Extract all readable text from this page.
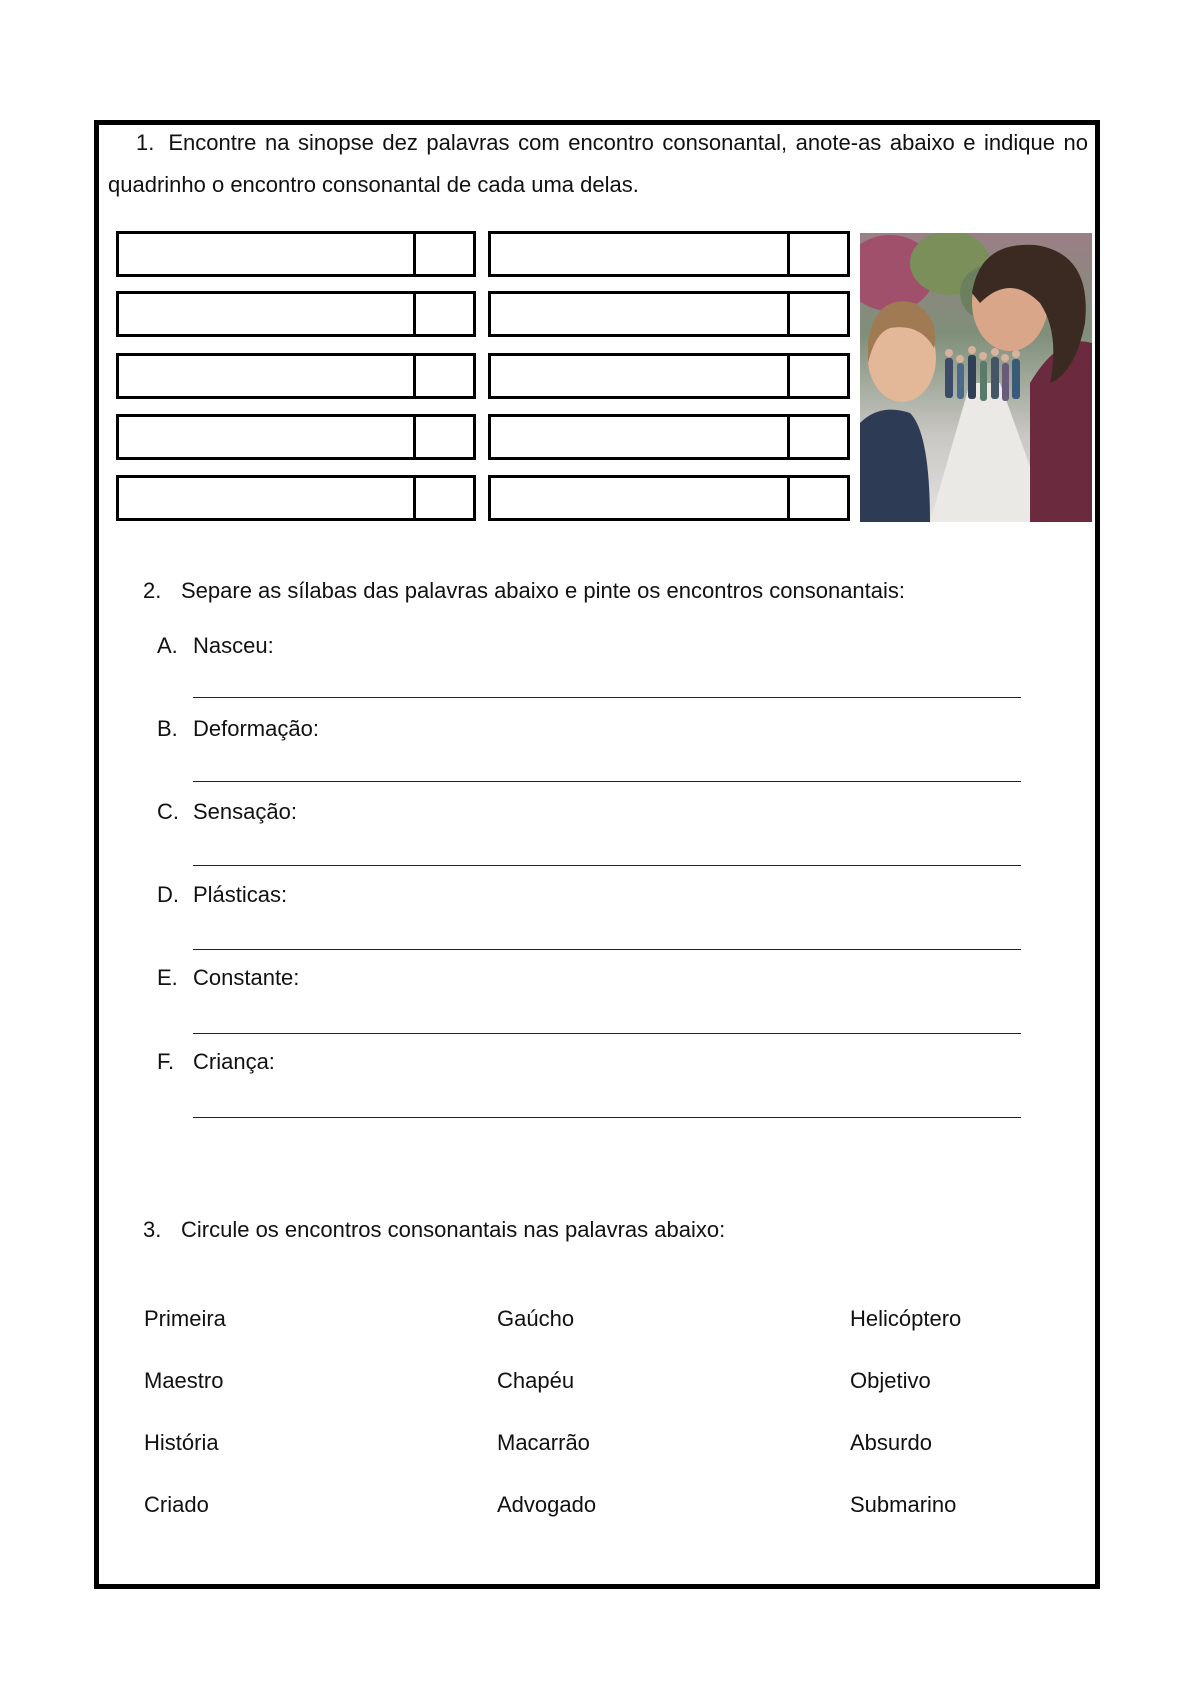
1. Encontre na sinopse dez palavras com encontro consonantal, anote-as abaixo e indique no quadrinho o encontro consonantal de cada uma delas.
2. Separe as sílabas das palavras abaixo e pinte os encontros consonantais:
A. Nasceu:
B. Deformação:
C. Sensação:
D. Plásticas:
E. Constante:
F. Criança:
3. Circule os encontros consonantais nas palavras abaixo:
Primeira	Gaúcho	Helicóptero
Maestro	Chapéu	Objetivo
História	Macarrão	Absurdo
Criado	Advogado	Submarino
